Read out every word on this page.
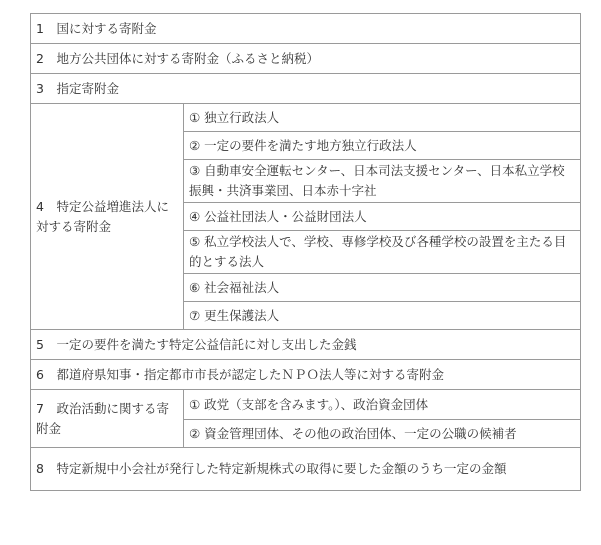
1　国に対する寄附金	
2　地方公共団体に対する寄附金（ふるさと納税）	
3　指定寄附金	
4　特定公益増進法人に対する寄附金	① 独立行政法人
	② 一定の要件を満たす地方独立行政法人
	③ 自動車安全運転センター、日本司法支援センター、日本私立学校振興・共済事業団、日本赤十字社
	④ 公益社団法人・公益財団法人
	⑤ 私立学校法人で、学校、専修学校及び各種学校の設置を主たる目的とする法人
	⑥ 社会福祉法人
	⑦ 更生保護法人
5　一定の要件を満たす特定公益信託に対し支出した金銭	
6　都道府県知事・指定都市市長が認定したＮＰＯ法人等に対する寄附金	
7　政治活動に関する寄附金	① 政党（支部を含みます。）、政治資金団体
	② 資金管理団体、その他の政治団体、一定の公職の候補者
8　特定新規中小会社が発行した特定新規株式の取得に要した金額のうち一定の金額	
